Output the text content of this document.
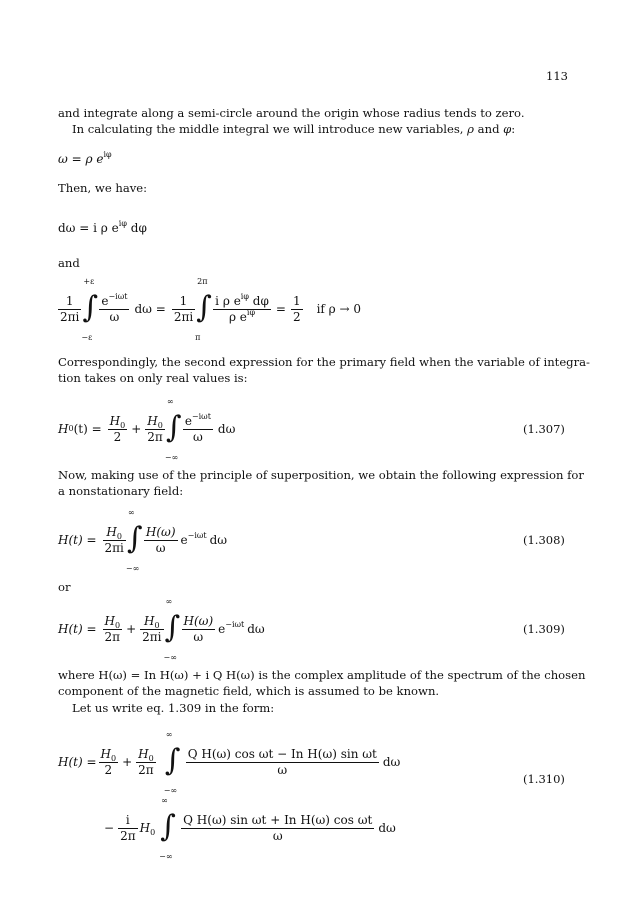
113
and integrate along a semi-circle around the origin whose radius tends to zero.
In calculating the middle integral we will introduce new variables, ρ and φ:
ω = ρ $e^{i\varphi}$
Then, we have:
dω = i ρ $e^{i\varphi}$ dφ
and
$\frac{1}{2\pi i}$
+ε
∫
−ε
$\frac{e^{-i\omega t}}{\omega}$ $d\omega = \frac{1}{2\pi i}$
2π
∫
π
$\frac{i \rho e^{i\varphi} d\varphi}{\rho e^{i\varphi}} = \frac{1}{2}$ if ρ → 0
Correspondingly, the second expression for the primary field when the variable of integra-
tion takes on only real values is:
H 0 $(t) = \frac{H_0}{2} + \frac{H_0}{2\pi}$
∞
∫
−∞
$\frac{e^{-i\omega t}}{\omega}$ dω	(1.307)
Now, making use of the principle of superposition, we obtain the following expression for
a nonstationary field:
$H(t) = \frac{H_0}{2\pi i}$
∞
∫
−∞
$\frac{H(\omega)}{\omega} e^{-i\omega t}$ dω	(1.308)
or
$H(t) = \frac{H_0}{2\pi} + \frac{H_0}{2\pi i}$
∞
∫
−∞
$\frac{H(\omega)}{\omega} e^{-i\omega t}$ dω	(1.309)
where H(ω) = In H(ω) + i Q H(ω) is the complex amplitude of the spectrum of the chosen
component of the magnetic field, which is assumed to be known.
Let us write eq. 1.309 in the form:
$H(t) = \frac{H_0}{2} + \frac{H_0}{2\pi}$
∞
∫
−∞
$\frac{\text{Q H(ω) cos ωt − In H(ω) sin ωt}}{\omega}$ dω
(1.310)
− $\frac{i}{2\pi} H_0$
∞
∫
−∞
$\frac{\text{Q H(ω) sin ωt + In H(ω) cos ωt}}{\omega}$ dω
